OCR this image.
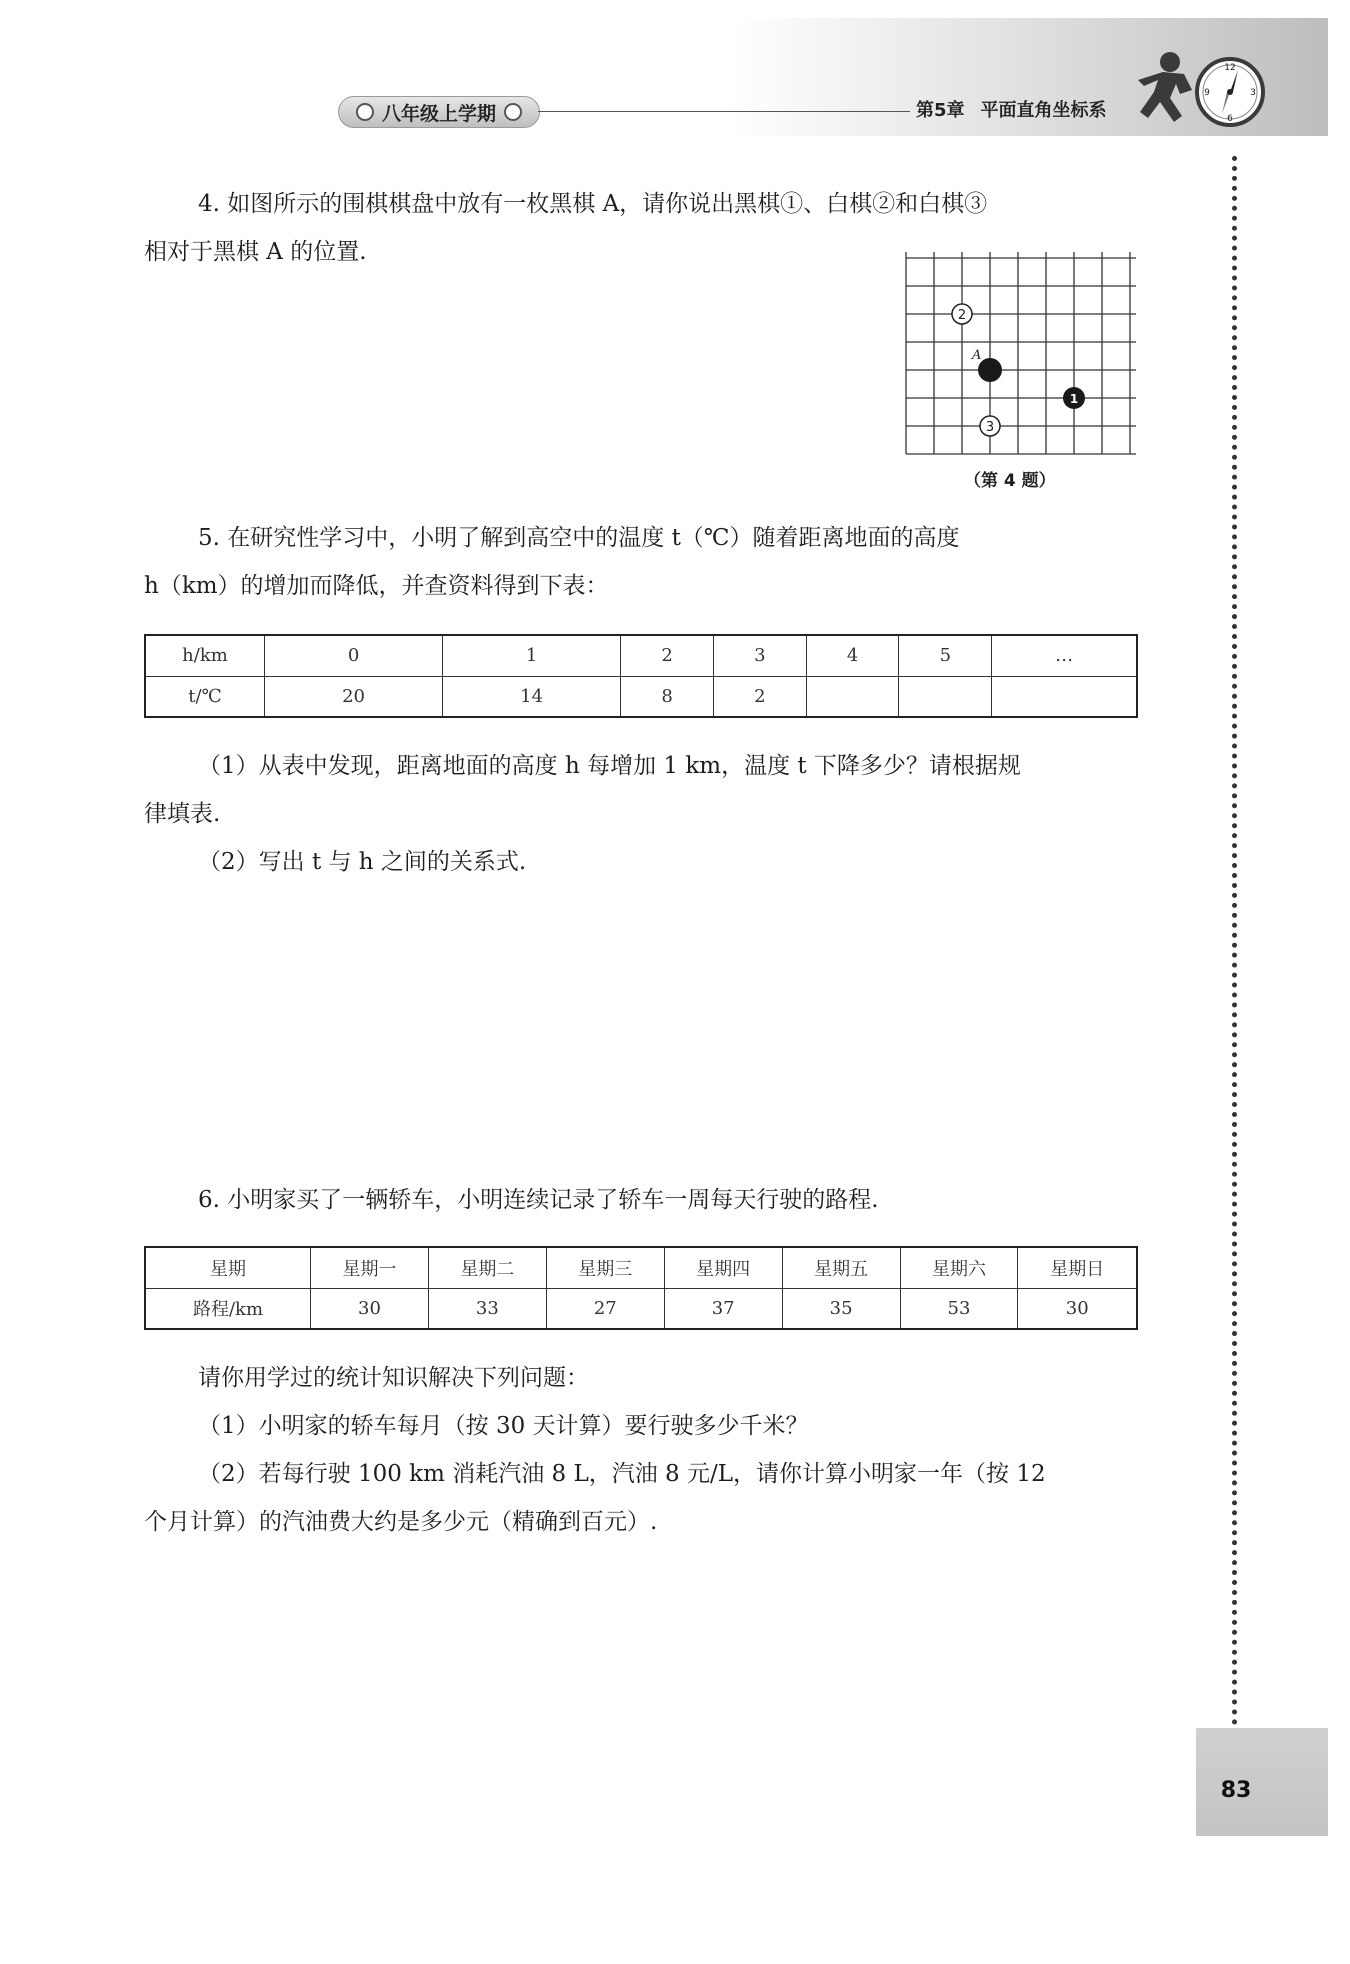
八年级上学期	第5章 平面直角坐标系
12
3
6
9
4. 如图所示的围棋棋盘中放有一枚黑棋 A，请你说出黑棋①、白棋②和白棋③
相对于黑棋 A 的位置.
2
A
1
3
（第 4 题）
5. 在研究性学习中，小明了解到高空中的温度 t（℃）随着距离地面的高度
h（km）的增加而降低，并查资料得到下表：
h/km	0	1	2	3	4	5	…
t/℃	20	14	8	2			
（1）从表中发现，距离地面的高度 h 每增加 1 km，温度 t 下降多少？请根据规
律填表.
（2）写出 t 与 h 之间的关系式.
6. 小明家买了一辆轿车，小明连续记录了轿车一周每天行驶的路程.
星期	星期一	星期二	星期三	星期四	星期五	星期六	星期日
路程/km	30	33	27	37	35	53	30
请你用学过的统计知识解决下列问题：
（1）小明家的轿车每月（按 30 天计算）要行驶多少千米？
（2）若每行驶 100 km 消耗汽油 8 L，汽油 8 元/L，请你计算小明家一年（按 12
个月计算）的汽油费大约是多少元（精确到百元）.
83
